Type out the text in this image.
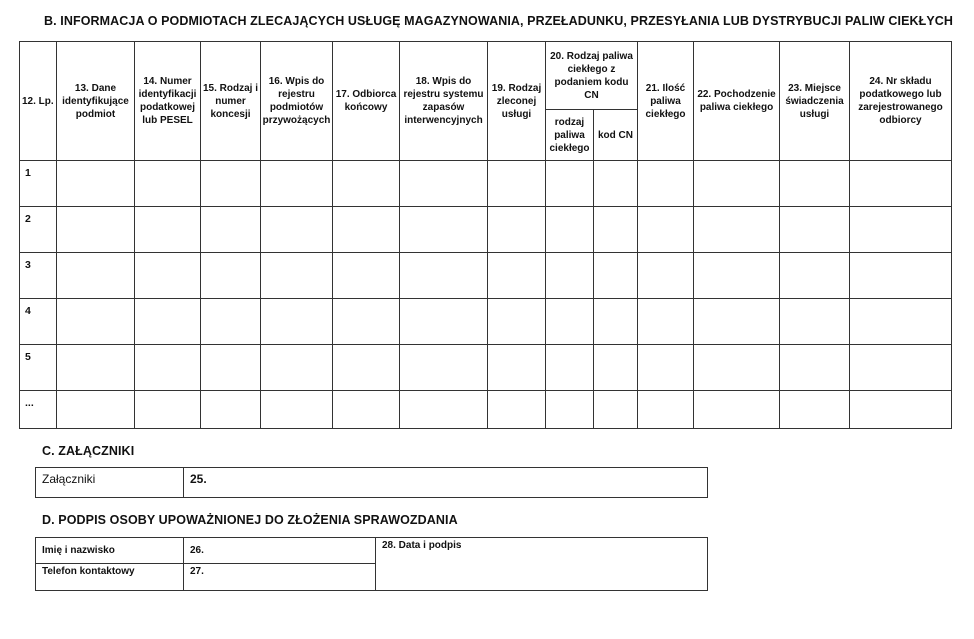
B. INFORMACJA O PODMIOTACH ZLECAJĄCYCH USŁUGĘ MAGAZYNOWANIA, PRZEŁADUNKU, PRZESYŁANIA LUB DYSTRYBUCJI PALIW CIEKŁYCH
12. Lp.	13. Dane identyfikujące podmiot	14. Numer identyfikacji podatkowej lub PESEL	15. Rodzaj i numer koncesji	16. Wpis do rejestru podmiotów przywożących	17. Odbiorca końcowy	18. Wpis do rejestru systemu zapasów interwencyjnych	19. Rodzaj zleconej usługi	20. Rodzaj paliwa ciekłego z podaniem kodu CN		21. Ilość paliwa ciekłego	22. Pochodzenie paliwa ciekłego	23. Miejsce świadczenia usługi	24. Nr składu podatkowego lub zarejestrowanego odbiorcy
								rodzaj paliwa ciekłego	kod CN				
1													
2													
3													
4													
5													
...													
C. ZAŁĄCZNIKI
Załączniki	25.
D. PODPIS OSOBY UPOWAŻNIONEJ DO ZŁOŻENIA SPRAWOZDANIA
Imię i nazwisko	26.	28. Data i podpis
Telefon kontaktowy	27.	
